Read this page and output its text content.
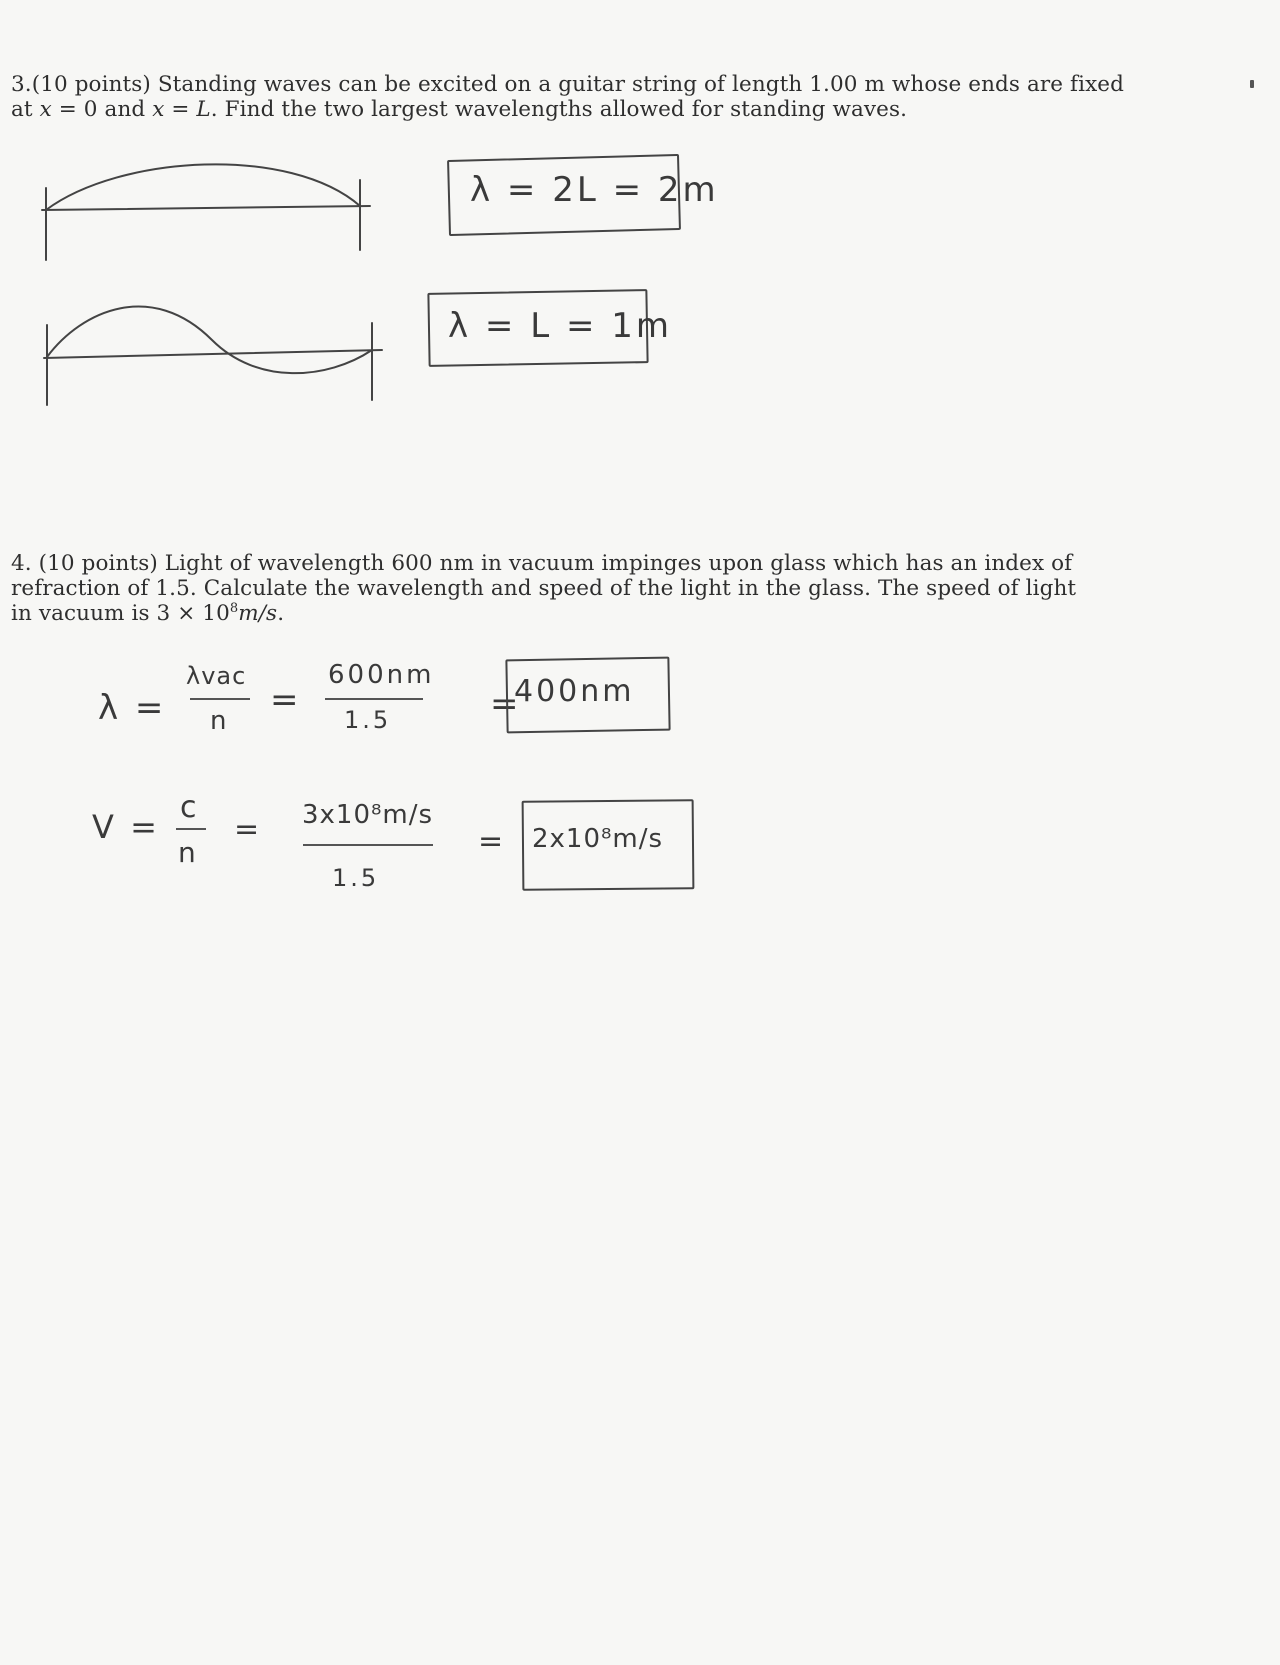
3.(10 points) Standing waves can be excited on a guitar string of length 1.00 m whose ends are fixed
at x = 0 and x = L. Find the two largest wavelengths allowed for standing waves.
λ = 2L = 2m
λ = L = 1m
4. (10 points) Light of wavelength 600 nm in vacuum impinges upon glass which has an index of
refraction of 1.5. Calculate the wavelength and speed of the light in the glass. The speed of light
in vacuum is $3 \times 10^8m/s$.
λ =
λvac
n
=
600nm
1.5	=
400nm
V =
c
n
= 3x10⁸m/s
1.5
= 2x10⁸m/s
